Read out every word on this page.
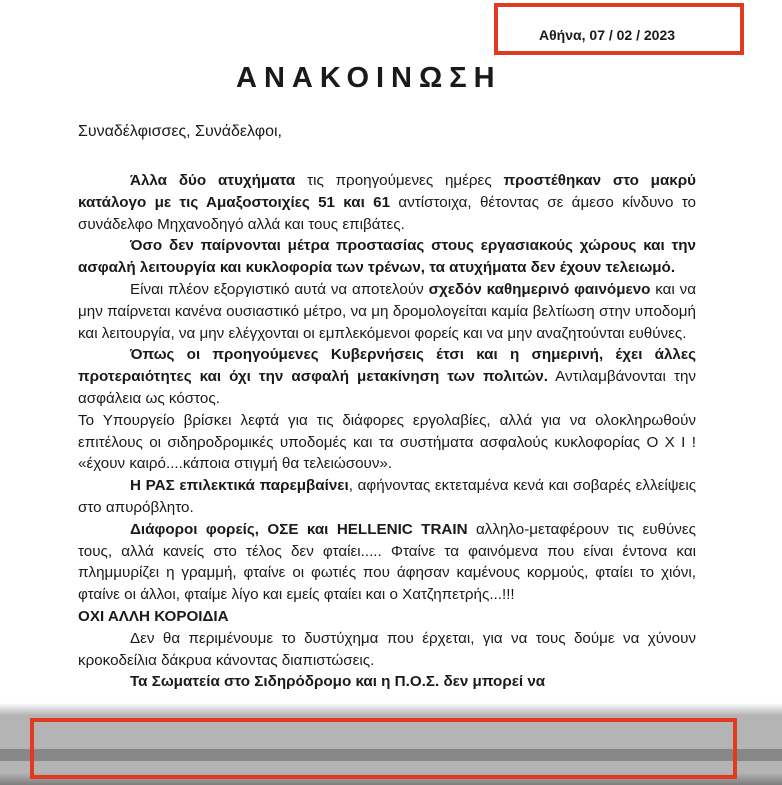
Αθήνα, 07 / 02 / 2023
ΑΝΑΚΟΙΝΩΣΗ
Συναδέλφισσες, Συνάδελφοι,

Άλλα δύο ατυχήματα τις προηγούμενες ημέρες προστέθηκαν στο μακρύ κατάλογο με τις Αμαξοστοιχίες 51 και 61 αντίστοιχα, θέτοντας σε άμεσο κίνδυνο το συνάδελφο Μηχανοδηγό αλλά και τους επιβάτες.

Όσο δεν παίρνονται μέτρα προστασίας στους εργασιακούς χώρους και την ασφαλή λειτουργία και κυκλοφορία των τρένων, τα ατυχήματα δεν έχουν τελειωμό.

Είναι πλέον εξοργιστικό αυτά να αποτελούν σχεδόν καθημερινό φαινόμενο και να μην παίρνεται κανένα ουσιαστικό μέτρο, να μη δρομολογείται καμία βελτίωση στην υποδομή και λειτουργία, να μην ελέγχονται οι εμπλεκόμενοι φορείς και να μην αναζητούνται ευθύνες.

Όπως οι προηγούμενες Κυβερνήσεις έτσι και η σημερινή, έχει άλλες προτεραιότητες και όχι την ασφαλή μετακίνηση των πολιτών. Αντιλαμβάνονται την ασφάλεια ως κόστος.

Το Υπουργείο βρίσκει λεφτά για τις διάφορες εργολαβίες, αλλά για να ολοκληρωθούν επιτέλους οι σιδηροδρομικές υποδομές και τα συστήματα ασφαλούς κυκλοφορίας Ο Χ Ι ! «έχουν καιρό....κάποια στιγμή θα τελειώσουν».

Η ΡΑΣ επιλεκτικά παρεμβαίνει, αφήνοντας εκτεταμένα κενά και σοβαρές ελλείψεις στο απυρόβλητο.

Διάφοροι φορείς, ΟΣΕ και HELLENIC TRAIN αλληλο-μεταφέρουν τις ευθύνες τους, αλλά κανείς στο τέλος δεν φταίει..... Φταίνε τα φαινόμενα που είναι έντονα και πλημμυρίζει η γραμμή, φταίνε οι φωτιές που άφησαν καμένους κορμούς, φταίει το χιόνι, φταίνε οι άλλοι, φταίμε λίγο και εμείς φταίει και ο Χατζηπετρής...!!!

ΟΧΙ ΑΛΛΗ ΚΟΡΟΙΔΙΑ

Δεν θα περιμένουμε το δυστύχημα που έρχεται, για να τους δούμε να χύνουν κροκοδείλια δάκρυα κάνοντας διαπιστώσεις.

Τα Σωματεία στο Σιδηρόδρομο και η Π.Ο.Σ. δεν μπορεί να
